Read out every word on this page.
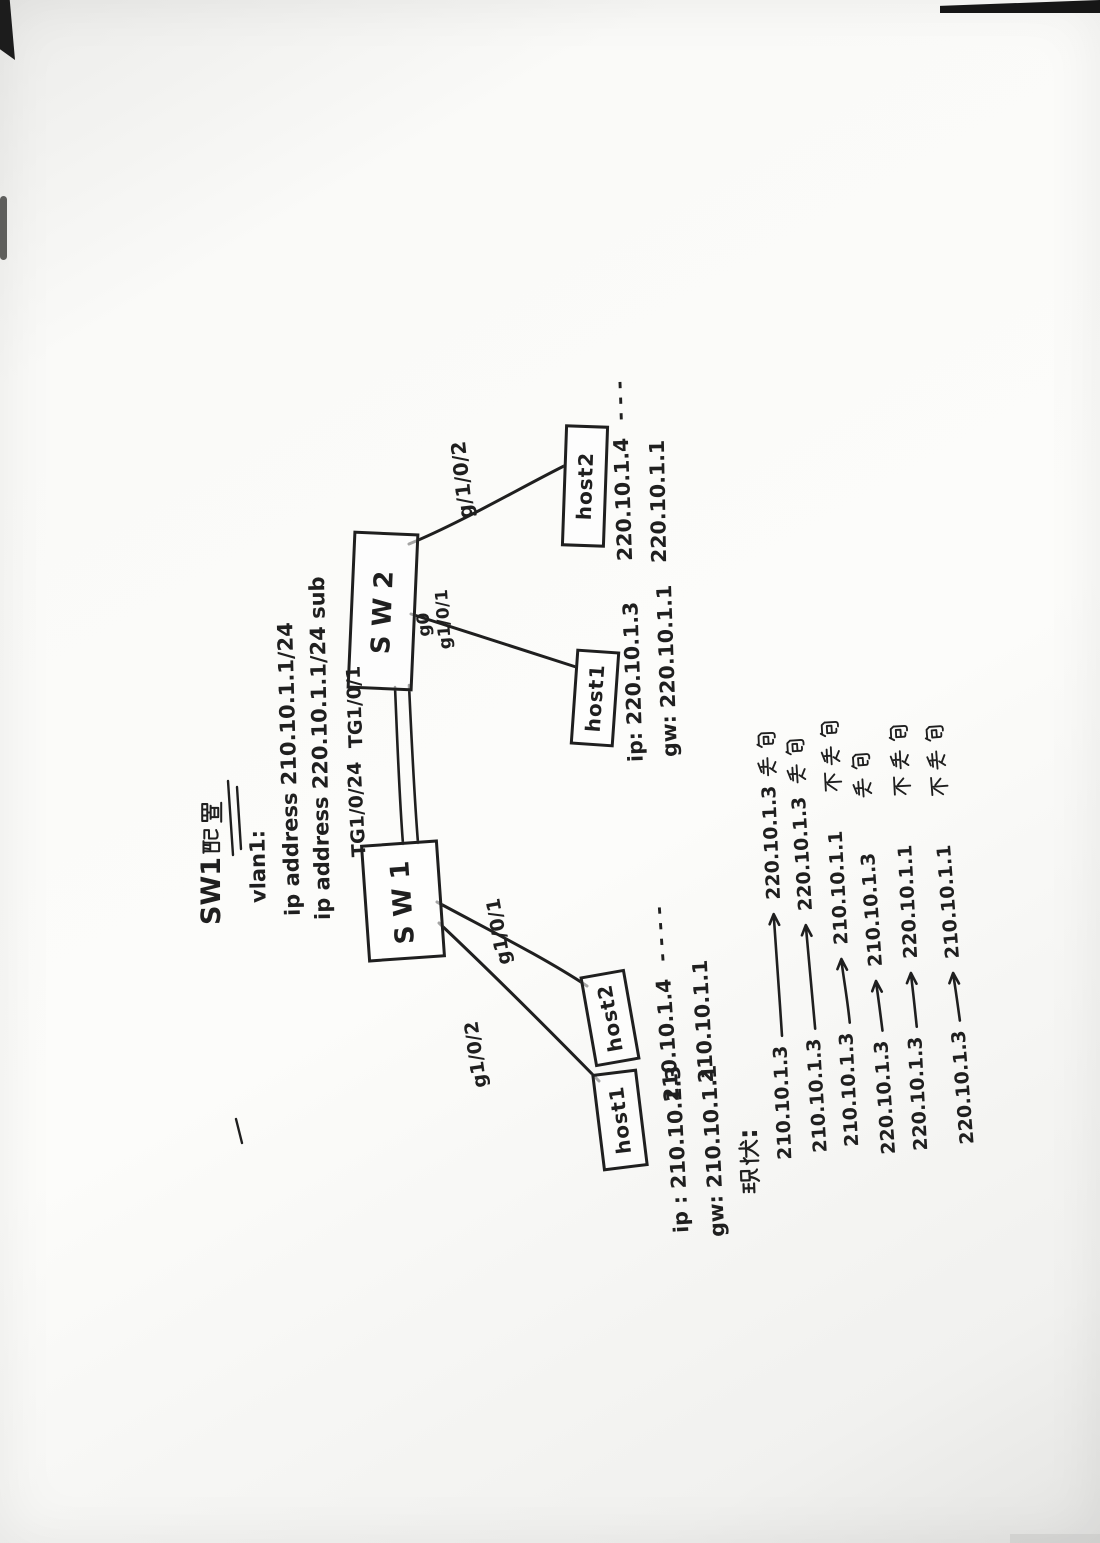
SW1 vlan1: ip address 210.10.1.1/24 ip address 220.10.1.1/24 sub SW1
SW2
TG1/0/24
TG1/0/1
g1/0/1
g1/0/2
g/1/0/2
g0
g1/0/1
host2 220.10.1.4 - - -
220.10.1.1
host1 ip: 220.10.1.3 gw: 220.10.1.1
host2 210.10.1.4 - - - -
210.10.1.1
host1 ip : 210.10.1.3 gw: 210.10.1.1 : 210.10.1.3
220.10.1.3
210.10.1.3
220.10.1.3
210.10.1.3
210.10.1.1
220.10.1.3
210.10.1.3
220.10.1.3
220.10.1.1
220.10.1.3
210.10.1.1
